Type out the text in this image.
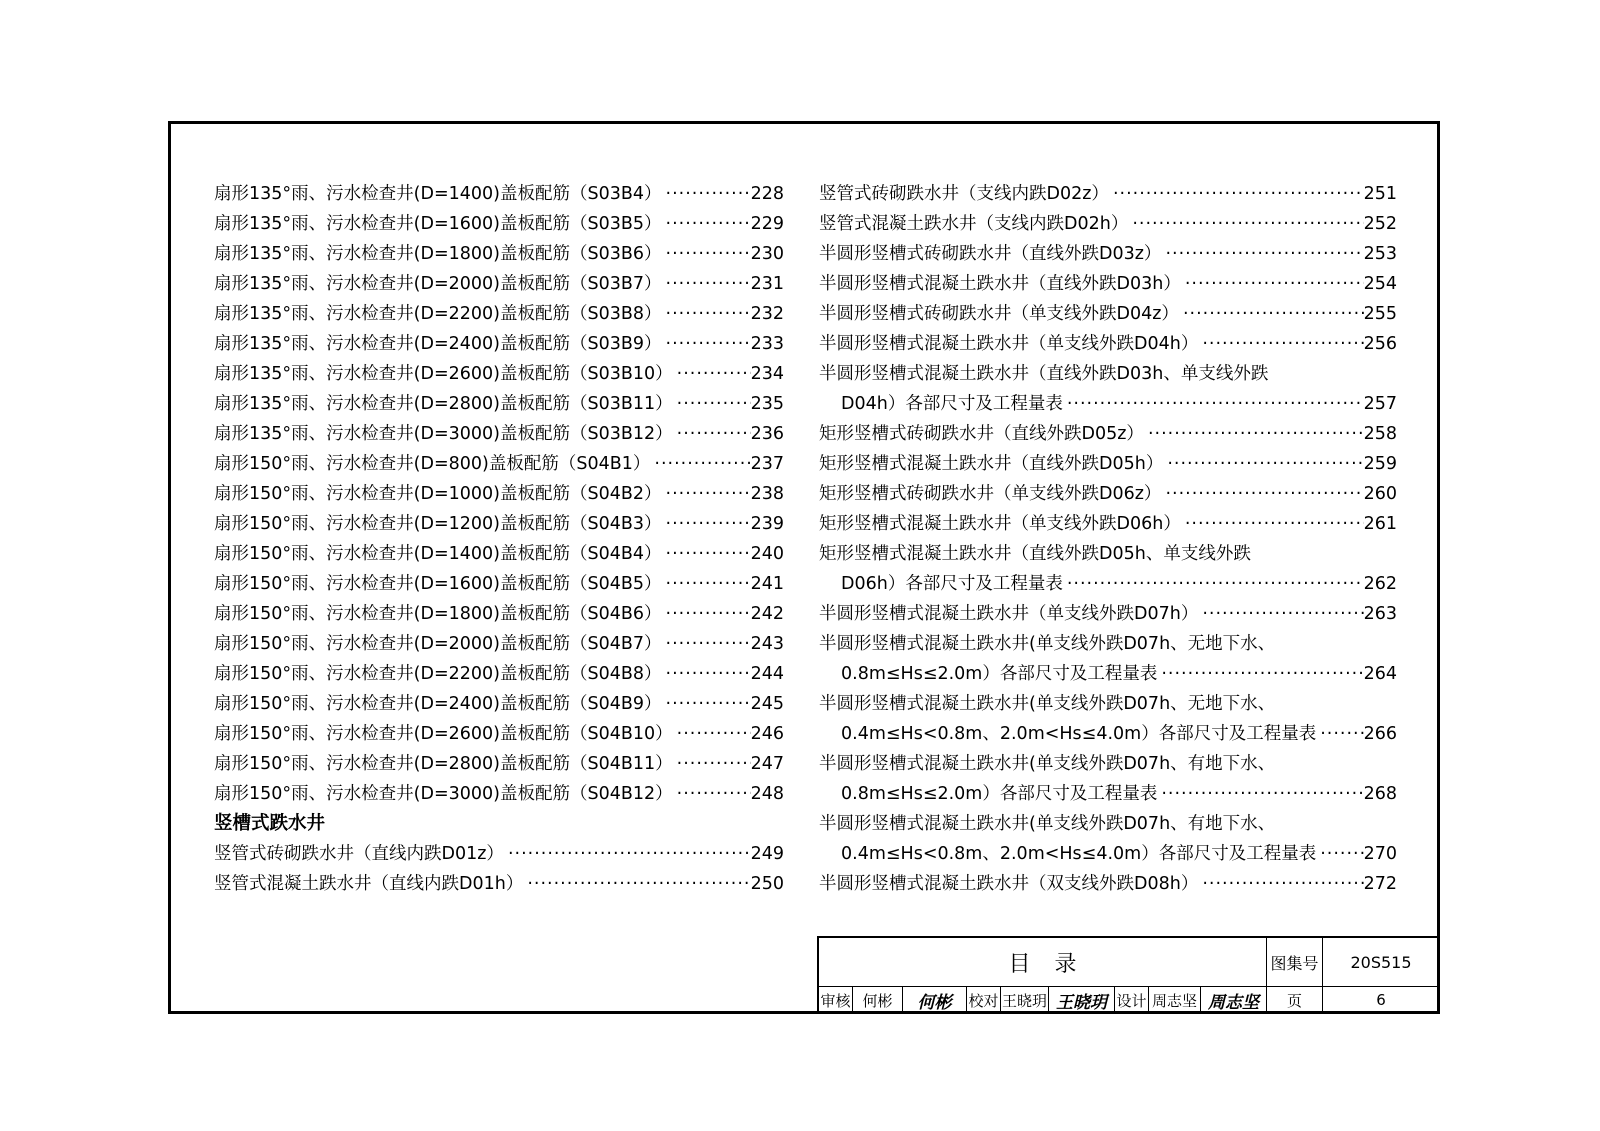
扇形135°雨、污水检查井(D=1400)盖板配筋（S03B4） ·····	228
扇形135°雨、污水检查井(D=1600)盖板配筋（S03B5） ·····	229
扇形135°雨、污水检查井(D=1800)盖板配筋（S03B6） ·····	230
扇形135°雨、污水检查井(D=2000)盖板配筋（S03B7） ·····	231
扇形135°雨、污水检查井(D=2200)盖板配筋（S03B8） ·····	232
扇形135°雨、污水检查井(D=2400)盖板配筋（S03B9） ·····	233
扇形135°雨、污水检查井(D=2600)盖板配筋（S03B10） ·····	234
扇形135°雨、污水检查井(D=2800)盖板配筋（S03B11） ·····	235
扇形135°雨、污水检查井(D=3000)盖板配筋（S03B12） ·····	236
扇形150°雨、污水检查井(D=800)盖板配筋（S04B1） ·····	237
扇形150°雨、污水检查井(D=1000)盖板配筋（S04B2） ·····	238
扇形150°雨、污水检查井(D=1200)盖板配筋（S04B3） ·····	239
扇形150°雨、污水检查井(D=1400)盖板配筋（S04B4） ·····	240
扇形150°雨、污水检查井(D=1600)盖板配筋（S04B5） ·····	241
扇形150°雨、污水检查井(D=1800)盖板配筋（S04B6） ·····	242
扇形150°雨、污水检查井(D=2000)盖板配筋（S04B7） ·····	243
扇形150°雨、污水检查井(D=2200)盖板配筋（S04B8） ·····	244
扇形150°雨、污水检查井(D=2400)盖板配筋（S04B9） ·····	245
扇形150°雨、污水检查井(D=2600)盖板配筋（S04B10） ·····	246
扇形150°雨、污水检查井(D=2800)盖板配筋（S04B11） ·····	247
扇形150°雨、污水检查井(D=3000)盖板配筋（S04B12） ·····	248
竖槽式跌水井
竖管式砖砌跌水井（直线内跌D01z） ·····	249
竖管式混凝土跌水井（直线内跌D01h） ·····	250
竖管式砖砌跌水井（支线内跌D02z） ·····	251
竖管式混凝土跌水井（支线内跌D02h） ·····	252
半圆形竖槽式砖砌跌水井（直线外跌D03z） ·····	253
半圆形竖槽式混凝土跌水井（直线外跌D03h） ·····	254
半圆形竖槽式砖砌跌水井（单支线外跌D04z） ·····	255
半圆形竖槽式混凝土跌水井（单支线外跌D04h） ·····	256
半圆形竖槽式混凝土跌水井（直线外跌D03h、单支线外跌
D04h）各部尺寸及工程量表 ·····	257
矩形竖槽式砖砌跌水井（直线外跌D05z） ·····	258
矩形竖槽式混凝土跌水井（直线外跌D05h） ·····	259
矩形竖槽式砖砌跌水井（单支线外跌D06z） ·····	260
矩形竖槽式混凝土跌水井（单支线外跌D06h） ·····	261
矩形竖槽式混凝土跌水井（直线外跌D05h、单支线外跌
D06h）各部尺寸及工程量表 ·····	262
半圆形竖槽式混凝土跌水井（单支线外跌D07h） ·····	263
半圆形竖槽式混凝土跌水井(单支线外跌D07h、无地下水、
0.8m≤Hs≤2.0m）各部尺寸及工程量表 ·····	264
半圆形竖槽式混凝土跌水井(单支线外跌D07h、无地下水、
0.4m≤Hs<0.8m、2.0m<Hs≤4.0m）各部尺寸及工程量表 ·····	266
半圆形竖槽式混凝土跌水井(单支线外跌D07h、有地下水、
0.8m≤Hs≤2.0m）各部尺寸及工程量表 ·····	268
半圆形竖槽式混凝土跌水井(单支线外跌D07h、有地下水、
0.4m≤Hs<0.8m、2.0m<Hs≤4.0m）各部尺寸及工程量表 ·····	270
半圆形竖槽式混凝土跌水井（双支线外跌D08h） ·····	272
目录	图集号	20S515
审核 何彬	何彬	校对 王晓玥 王晓玥 设计 周志坚 周志坚	页	6
